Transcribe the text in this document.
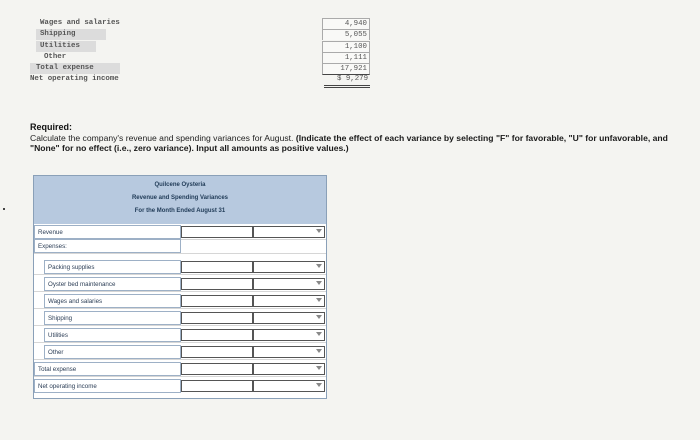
Wages and salaries	4,940
Shipping	5,055
Utilities	1,100
Other	1,111
Total expense	17,921
Net operating income	$ 9,279
Required:
Calculate the company's revenue and spending variances for August. (Indicate the effect of each variance by selecting "F" for favorable, "U" for unfavorable, and "None" for no effect (i.e., zero variance). Input all amounts as positive values.)
Quilcene Oysteria
Revenue and Spending Variances
For the Month Ended August 31
Revenue
Expenses:
Packing supplies
Oyster bed maintenance
Wages and salaries
Shipping
Utilities
Other
Total expense
Net operating income
